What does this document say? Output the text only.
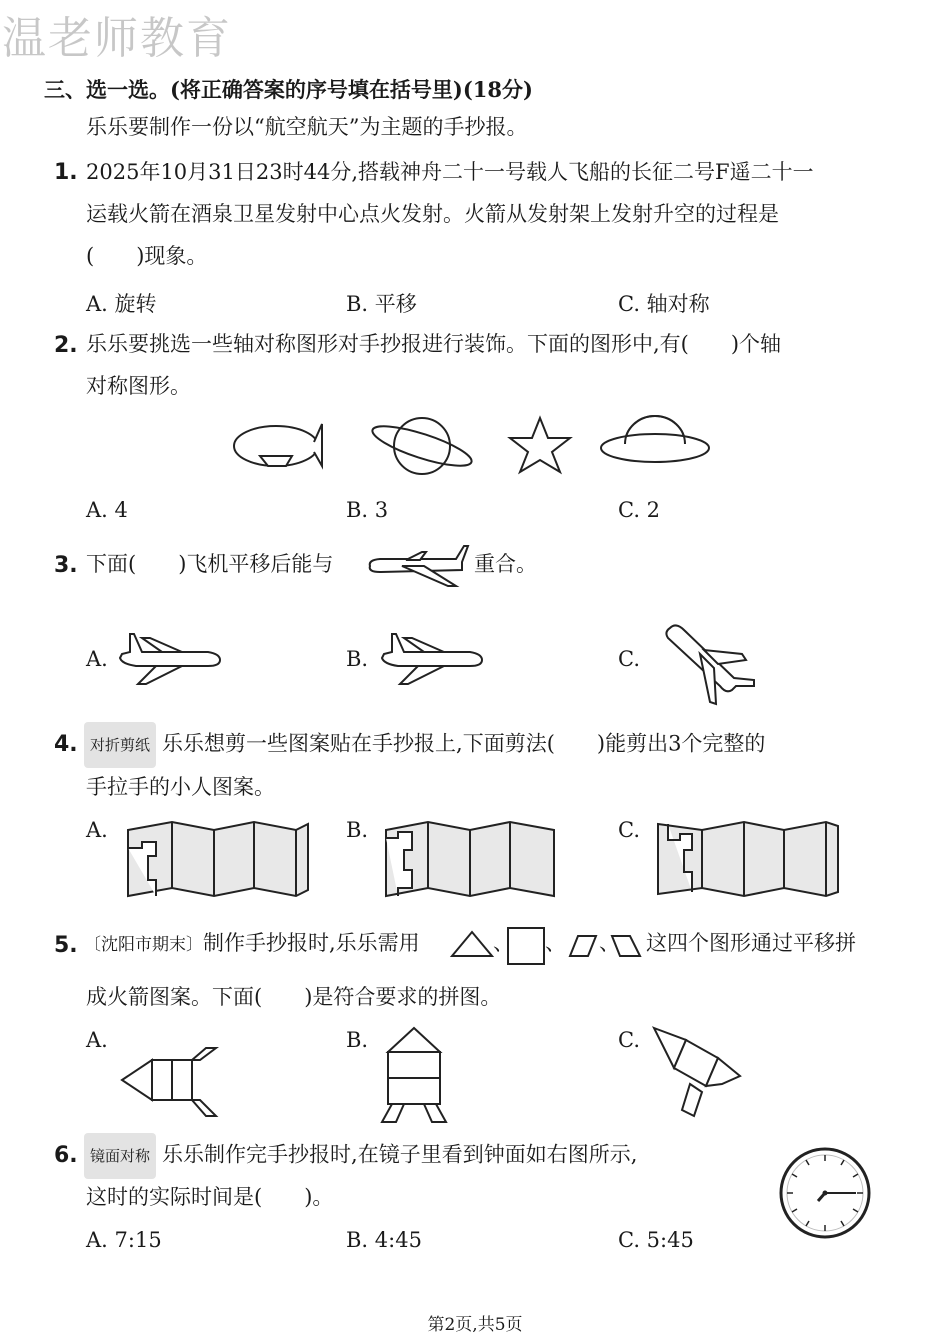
温老师教育
三、选一选。(将正确答案的序号填在括号里)(18分)
乐乐要制作一份以“航空航天”为主题的手抄报。
1. 2025年10月31日23时44分,搭载神舟二十一号载人飞船的长征二号F遥二十一
运载火箭在酒泉卫星发射中心点火发射。火箭从发射架上发射升空的过程是
(　　)现象。
A. 旋转	B. 平移	C. 轴对称
2. 乐乐要挑选一些轴对称图形对手抄报进行装饰。下面的图形中,有(　　)个轴
对称图形。
A. 4	B. 3	C. 2
3. 下面(　　)飞机平移后能与	重合。
A.	B.	C.
4. 对折剪纸 乐乐想剪一些图案贴在手抄报上,下面剪法(　　)能剪出3个完整的
手拉手的小人图案。
A.	B.	C.
5. 〔沈阳市期末〕制作手抄报时,乐乐需用	、 、 、 这四个图形通过平移拼
成火箭图案。下面(　　)是符合要求的拼图。
A.	B.	C.
6. 镜面对称 乐乐制作完手抄报时,在镜子里看到钟面如右图所示,
这时的实际时间是(　　)。
A. 7:15	B. 4:45	C. 5:45
第2页,共5页
